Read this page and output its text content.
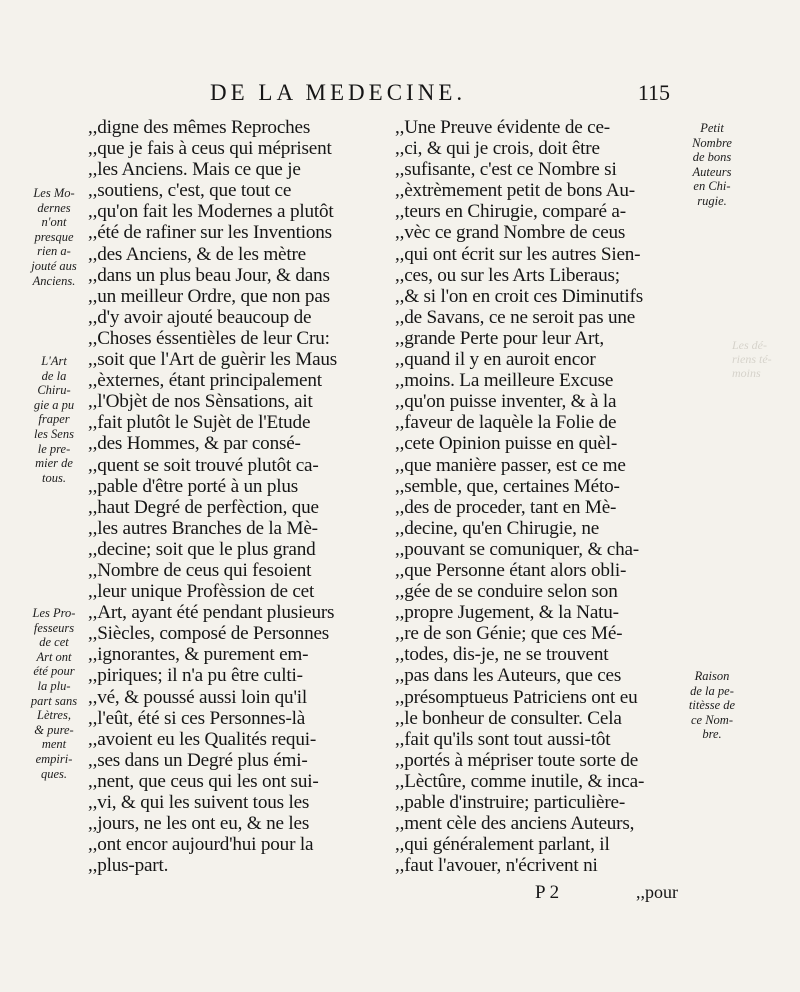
DE LA MEDECINE.	115
,,digne des mêmes Reproches
,,que je fais à ceus qui méprisent
,,les Anciens. Mais ce que je
,,soutiens, c'est, que tout ce
,,qu'on fait les Modernes a plutôt
,,été de rafiner sur les Inventions
,,des Anciens, & de les mètre
,,dans un plus beau Jour, & dans
,,un meilleur Ordre, que non pas
,,d'y avoir ajouté beaucoup de
,,Choses éssentièles de leur Cru:
,,soit que l'Art de guèrir les Maus
,,èxternes, étant principalement
,,l'Objèt de nos Sènsations, ait
,,fait plutôt le Sujèt de l'Etude
,,des Hommes, & par consé-
,,quent se soit trouvé plutôt ca-
,,pable d'être porté à un plus
,,haut Degré de perfèction, que
,,les autres Branches de la Mè-
,,decine; soit que le plus grand
,,Nombre de ceus qui fesoient
,,leur unique Profèssion de cet
,,Art, ayant été pendant plusieurs
,,Siècles, composé de Personnes
,,ignorantes, & purement em-
,,piriques; il n'a pu être culti-
,,vé, & poussé aussi loin qu'il
,,l'eût, été si ces Personnes-là
,,avoient eu les Qualités requi-
,,ses dans un Degré plus émi-
,,nent, que ceus qui les ont sui-
,,vi, & qui les suivent tous les
,,jours, ne les ont eu, & ne les
,,ont encor aujourd'hui pour la
,,plus-part.
,,Une Preuve évidente de ce-
,,ci, & qui je crois, doit être
,,sufisante, c'est ce Nombre si
,,èxtrèmement petit de bons Au-
,,teurs en Chirugie, comparé a-
,,vèc ce grand Nombre de ceus
,,qui ont écrit sur les autres Sien-
,,ces, ou sur les Arts Liberaus;
,,& si l'on en croit ces Diminutifs
,,de Savans, ce ne seroit pas une
,,grande Perte pour leur Art,
,,quand il y en auroit encor
,,moins. La meilleure Excuse
,,qu'on puisse inventer, & à la
,,faveur de laquèle la Folie de
,,cete Opinion puisse en quèl-
,,que manière passer, est ce me
,,semble, que, certaines Méto-
,,des de proceder, tant en Mè-
,,decine, qu'en Chirugie, ne
,,pouvant se comuniquer, & cha-
,,que Personne étant alors obli-
,,gée de se conduire selon son
,,propre Jugement, & la Natu-
,,re de son Génie; que ces Mé-
,,todes, dis-je, ne se trouvent
,,pas dans les Auteurs, que ces
,,présomptueus Patriciens ont eu
,,le bonheur de consulter. Cela
,,fait qu'ils sont tout aussi-tôt
,,portés à mépriser toute sorte de
,,Lèctûre, comme inutile, & inca-
,,pable d'instruire; particulière-
,,ment cèle des anciens Auteurs,
,,qui généralement parlant, il
,,faut l'avouer, n'écrivent ni
Les Mo-
dernes
n'ont
presque
rien a-
jouté aus
Anciens.
L'Art
de la
Chiru-
gie a pu
fraper
les Sens
le pre-
mier de
tous.
Les Pro-
fesseurs
de cet
Art ont
été pour
la plu-
part sans
Lètres,
& pure-
ment
empiri-
ques.
Petit
Nombre
de bons
Auteurs
en Chi-
rugie.
Raison
de la pe-
titèsse de
ce Nom-
bre.
Les dé-
riens té-
moins
P 2	,,pour
